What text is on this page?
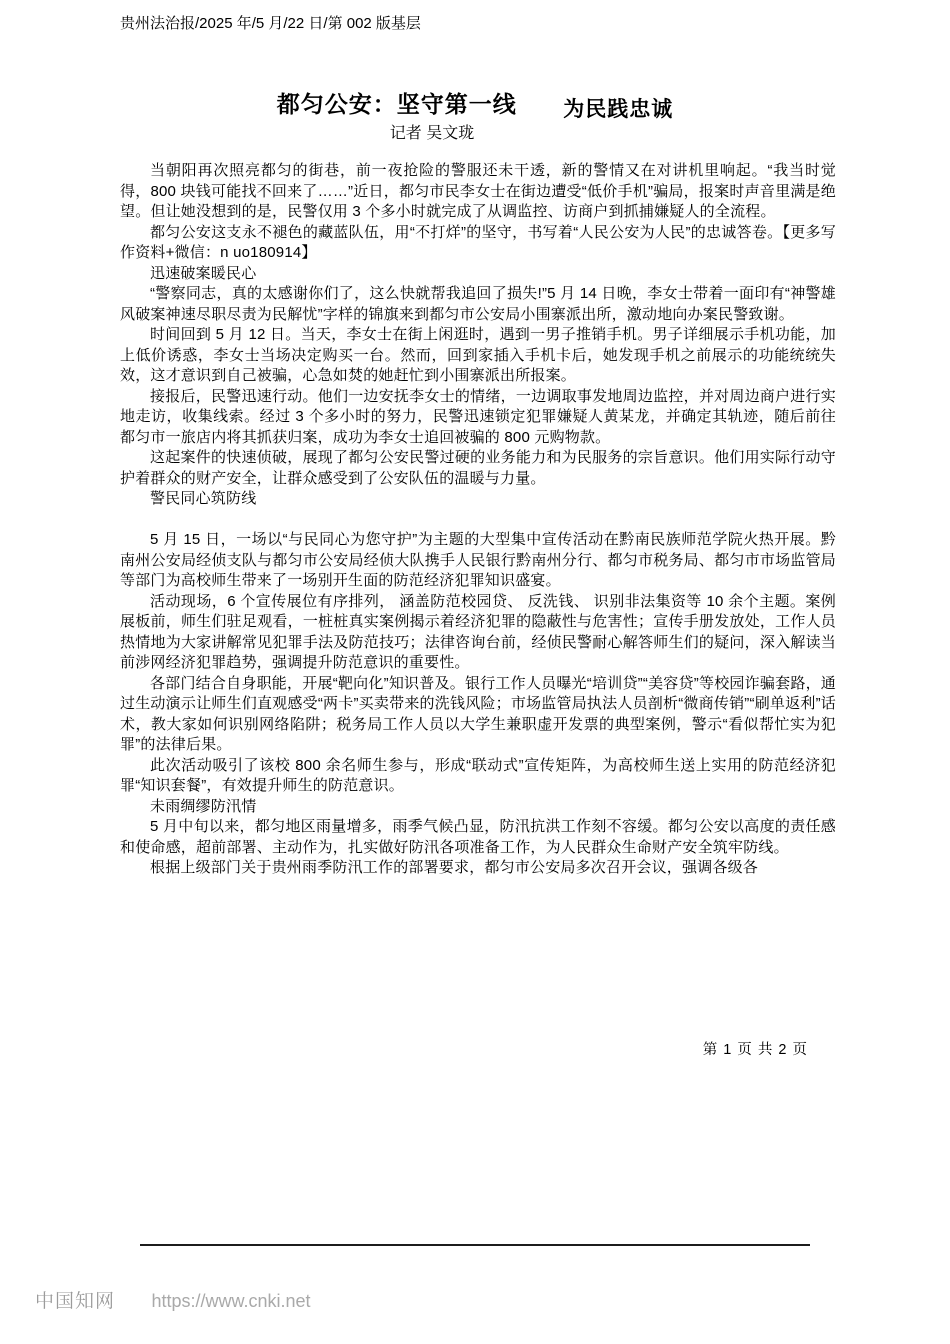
贵州法治报/2025 年/5 月/22 日/第 002 版基层
都匀公安：坚守第一线 为民践忠诚
记者 吴文珑

当朝阳再次照亮都匀的街巷，前一夜抢险的警服还未干透，新的警情又在对讲机里响起。“我当时觉得，800 块钱可能找不回来了……”近日，都匀市民李女士在街边遭受“低价手机”骗局，报案时声音里满是绝望。但让她没想到的是，民警仅用 3 个多小时就完成了从调监控、访商户到抓捕嫌疑人的全流程。

都匀公安这支永不褪色的藏蓝队伍，用“不打烊”的坚守，书写着“人民公安为人民”的忠诚答卷。【更多写作资料+微信：n uo180914】

迅速破案暖民心

“警察同志，真的太感谢你们了，这么快就帮我追回了损失!”5 月 14 日晚，李女士带着一面印有“神警雄风破案神速尽职尽责为民解忧”字样的锦旗来到都匀市公安局小围寨派出所，激动地向办案民警致谢。

时间回到 5 月 12 日。当天，李女士在街上闲逛时，遇到一男子推销手机。男子详细展示手机功能，加上低价诱惑，李女士当场决定购买一台。然而，回到家插入手机卡后，她发现手机之前展示的功能统统失效，这才意识到自己被骗，心急如焚的她赶忙到小围寨派出所报案。

接报后，民警迅速行动。他们一边安抚李女士的情绪，一边调取事发地周边监控，并对周边商户进行实地走访，收集线索。经过 3 个多小时的努力，民警迅速锁定犯罪嫌疑人黄某龙，并确定其轨迹，随后前往都匀市一旅店内将其抓获归案，成功为李女士追回被骗的 800 元购物款。

这起案件的快速侦破，展现了都匀公安民警过硬的业务能力和为民服务的宗旨意识。他们用实际行动守护着群众的财产安全，让群众感受到了公安队伍的温暖与力量。

警民同心筑防线

5 月 15 日，一场以“与民同心为您守护”为主题的大型集中宣传活动在黔南民族师范学院火热开展。黔南州公安局经侦支队与都匀市公安局经侦大队携手人民银行黔南州分行、都匀市税务局、都匀市市场监管局等部门为高校师生带来了一场别开生面的防范经济犯罪知识盛宴。

活动现场，6 个宣传展位有序排列， 涵盖防范校园贷、 反洗钱、 识别非法集资等 10 余个主题。案例展板前，师生们驻足观看，一桩桩真实案例揭示着经济犯罪的隐蔽性与危害性；宣传手册发放处，工作人员热情地为大家讲解常见犯罪手法及防范技巧；法律咨询台前，经侦民警耐心解答师生们的疑问，深入解读当前涉网经济犯罪趋势，强调提升防范意识的重要性。

各部门结合自身职能，开展“靶向化”知识普及。银行工作人员曝光“培训贷”“美容贷”等校园诈骗套路，通过生动演示让师生们直观感受“两卡”买卖带来的洗钱风险；市场监管局执法人员剖析“微商传销”“刷单返利”话术，教大家如何识别网络陷阱；税务局工作人员以大学生兼职虚开发票的典型案例，警示“看似帮忙实为犯罪”的法律后果。

此次活动吸引了该校 800 余名师生参与，形成“联动式”宣传矩阵，为高校师生送上实用的防范经济犯罪“知识套餐”，有效提升师生的防范意识。

未雨绸缪防汛情

5 月中旬以来，都匀地区雨量增多，雨季气候凸显，防汛抗洪工作刻不容缓。都匀公安以高度的责任感和使命感，超前部署、主动作为，扎实做好防汛各项准备工作，为人民群众生命财产安全筑牢防线。

根据上级部门关于贵州雨季防汛工作的部署要求，都匀市公安局多次召开会议，强调各级各

第 1 页 共 2 页
中国知网 https://www.cnki.net
